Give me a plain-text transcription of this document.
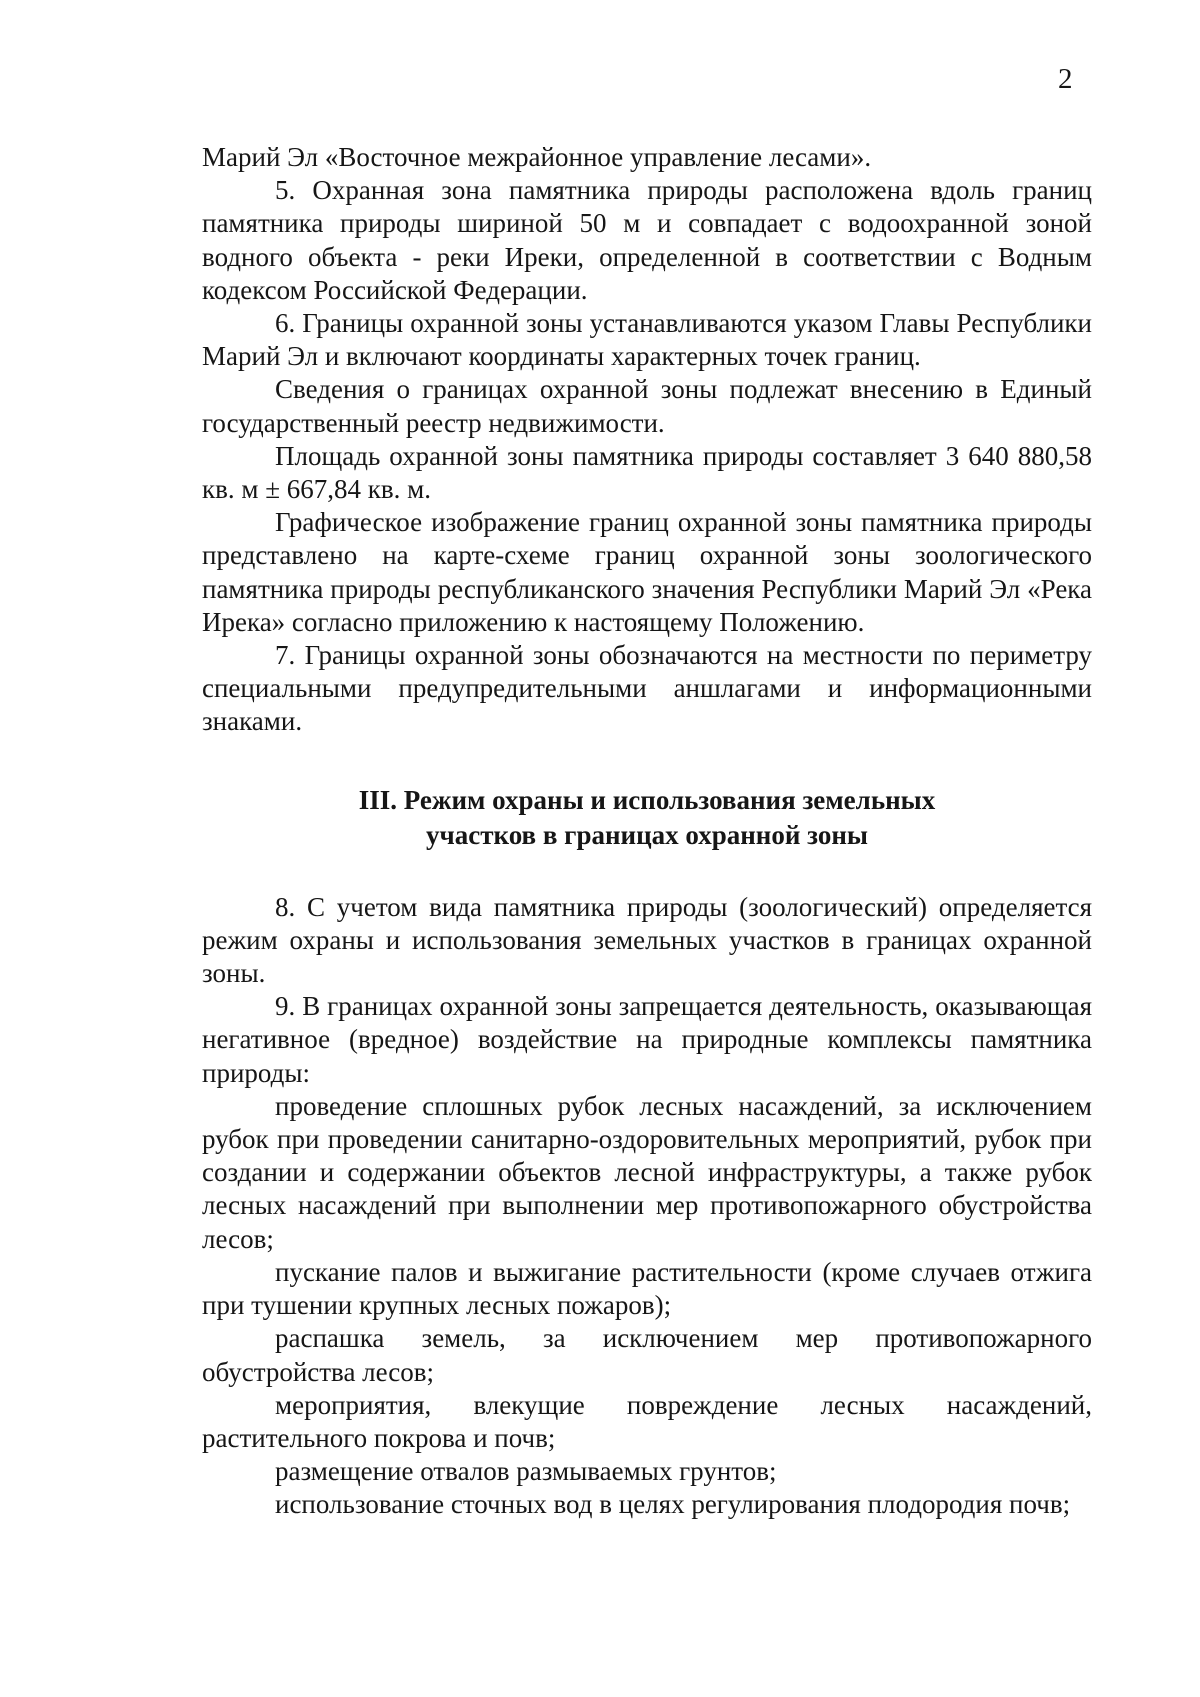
2

Марий Эл «Восточное межрайонное управление лесами».

5. Охранная зона памятника природы расположена вдоль границ памятника природы шириной 50 м и совпадает с водоохранной зоной водного объекта - реки Иреки, определенной в соответствии с Водным кодексом Российской Федерации.

6. Границы охранной зоны устанавливаются указом Главы Республики Марий Эл и включают координаты характерных точек границ.

Сведения о границах охранной зоны подлежат внесению в Единый государственный реестр недвижимости.

Площадь охранной зоны памятника природы составляет 3 640 880,58 кв. м ± 667,84 кв. м.

Графическое изображение границ охранной зоны памятника природы представлено на карте-схеме границ охранной зоны зоологического памятника природы республиканского значения Республики Марий Эл «Река Ирека» согласно приложению к настоящему Положению.

7. Границы охранной зоны обозначаются на местности по периметру специальными предупредительными аншлагами и информационными знаками.

III. Режим охраны и использования земельных
участков в границах охранной зоны

8. С учетом вида памятника природы (зоологический) определяется режим охраны и использования земельных участков в границах охранной зоны.

9. В границах охранной зоны запрещается деятельность, оказывающая негативное (вредное) воздействие на природные комплексы памятника природы:

проведение сплошных рубок лесных насаждений, за исключением рубок при проведении санитарно-оздоровительных мероприятий, рубок при создании и содержании объектов лесной инфраструктуры, а также рубок лесных насаждений при выполнении мер противопожарного обустройства лесов;

пускание палов и выжигание растительности (кроме случаев отжига при тушении крупных лесных пожаров);

распашка земель, за исключением мер противопожарного обустройства лесов;

мероприятия, влекущие повреждение лесных насаждений, растительного покрова и почв;

размещение отвалов размываемых грунтов;

использование сточных вод в целях регулирования плодородия почв;
